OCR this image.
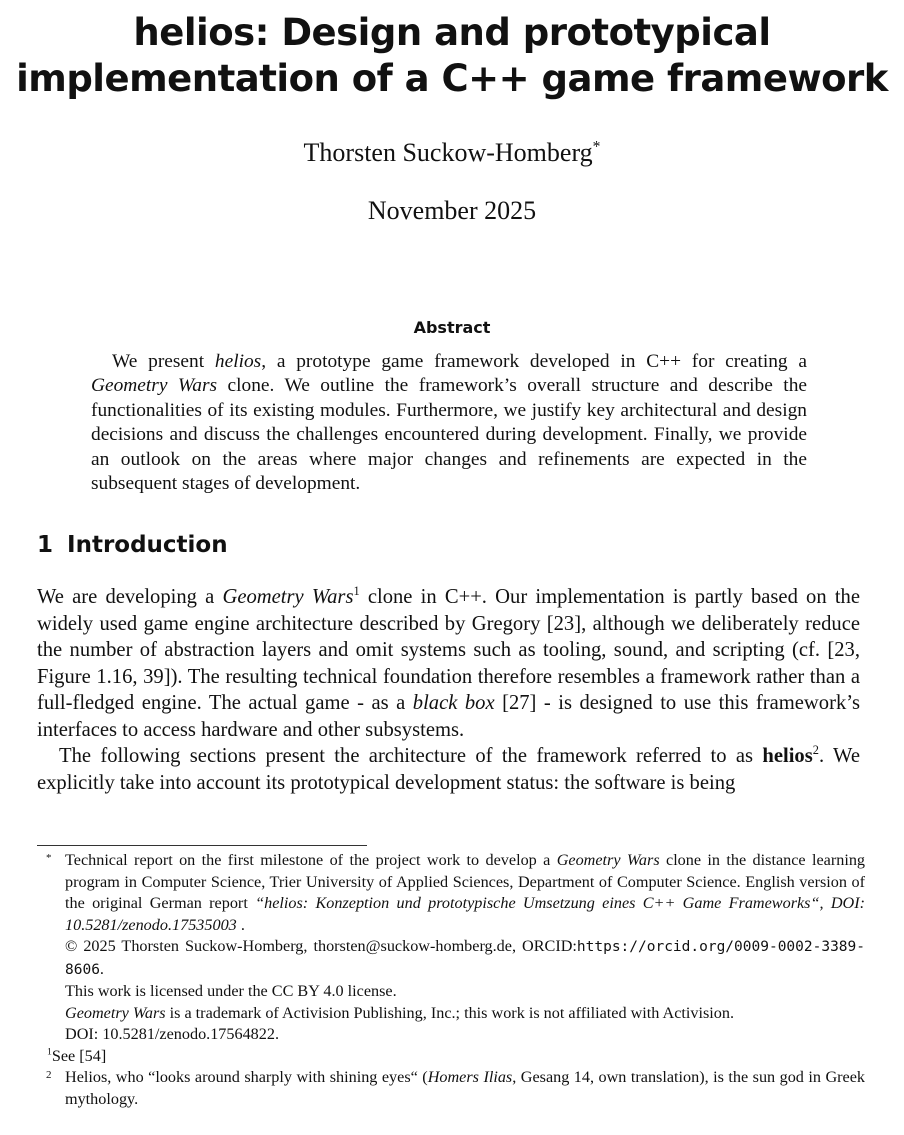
helios: Design and prototypical
implementation of a C++ game framework
Thorsten Suckow-Homberg*
November 2025
Abstract
We present helios, a prototype game framework developed in C++ for creating a Geometry Wars clone. We outline the framework’s overall structure and describe the functionalities of its existing modules. Furthermore, we justify key architectural and design decisions and discuss the challenges encountered during development. Finally, we provide an outlook on the areas where major changes and refinements are expected in the subsequent stages of development.
1 Introduction

We are developing a Geometry Wars$^1$ clone in C++. Our implementation is partly based on the widely used game engine architecture described by Gregory [23], although we deliberately reduce the number of abstraction layers and omit systems such as tooling, sound, and scripting (cf. [23, Figure 1.16, 39]). The resulting technical foundation therefore resembles a framework rather than a full-fledged engine. The actual game - as a black box [27] - is designed to use this framework’s interfaces to access hardware and other subsystems.

The following sections present the architecture of the framework referred to as helios$^2$. We explicitly take into account its prototypical development status: the software is being

* Technical report on the first milestone of the project work to develop a Geometry Wars clone in the distance learning program in Computer Science, Trier University of Applied Sciences, Department of Computer Science. English version of the original German report “helios: Konzeption und prototypische Umsetzung eines C++ Game Frameworks“, DOI: 10.5281/zenodo.17535003 .
© 2025 Thorsten Suckow-Homberg, thorsten@suckow-homberg.de, ORCID:https://orcid.org/0009-0002-3389-8606.
This work is licensed under the CC BY 4.0 license.
Geometry Wars is a trademark of Activision Publishing, Inc.; this work is not affiliated with Activision.
DOI: 10.5281/zenodo.17564822.
$^1$See [54]
2 Helios, who “looks around sharply with shining eyes“ (Homers Ilias, Gesang 14, own translation), is the sun god in Greek mythology.
